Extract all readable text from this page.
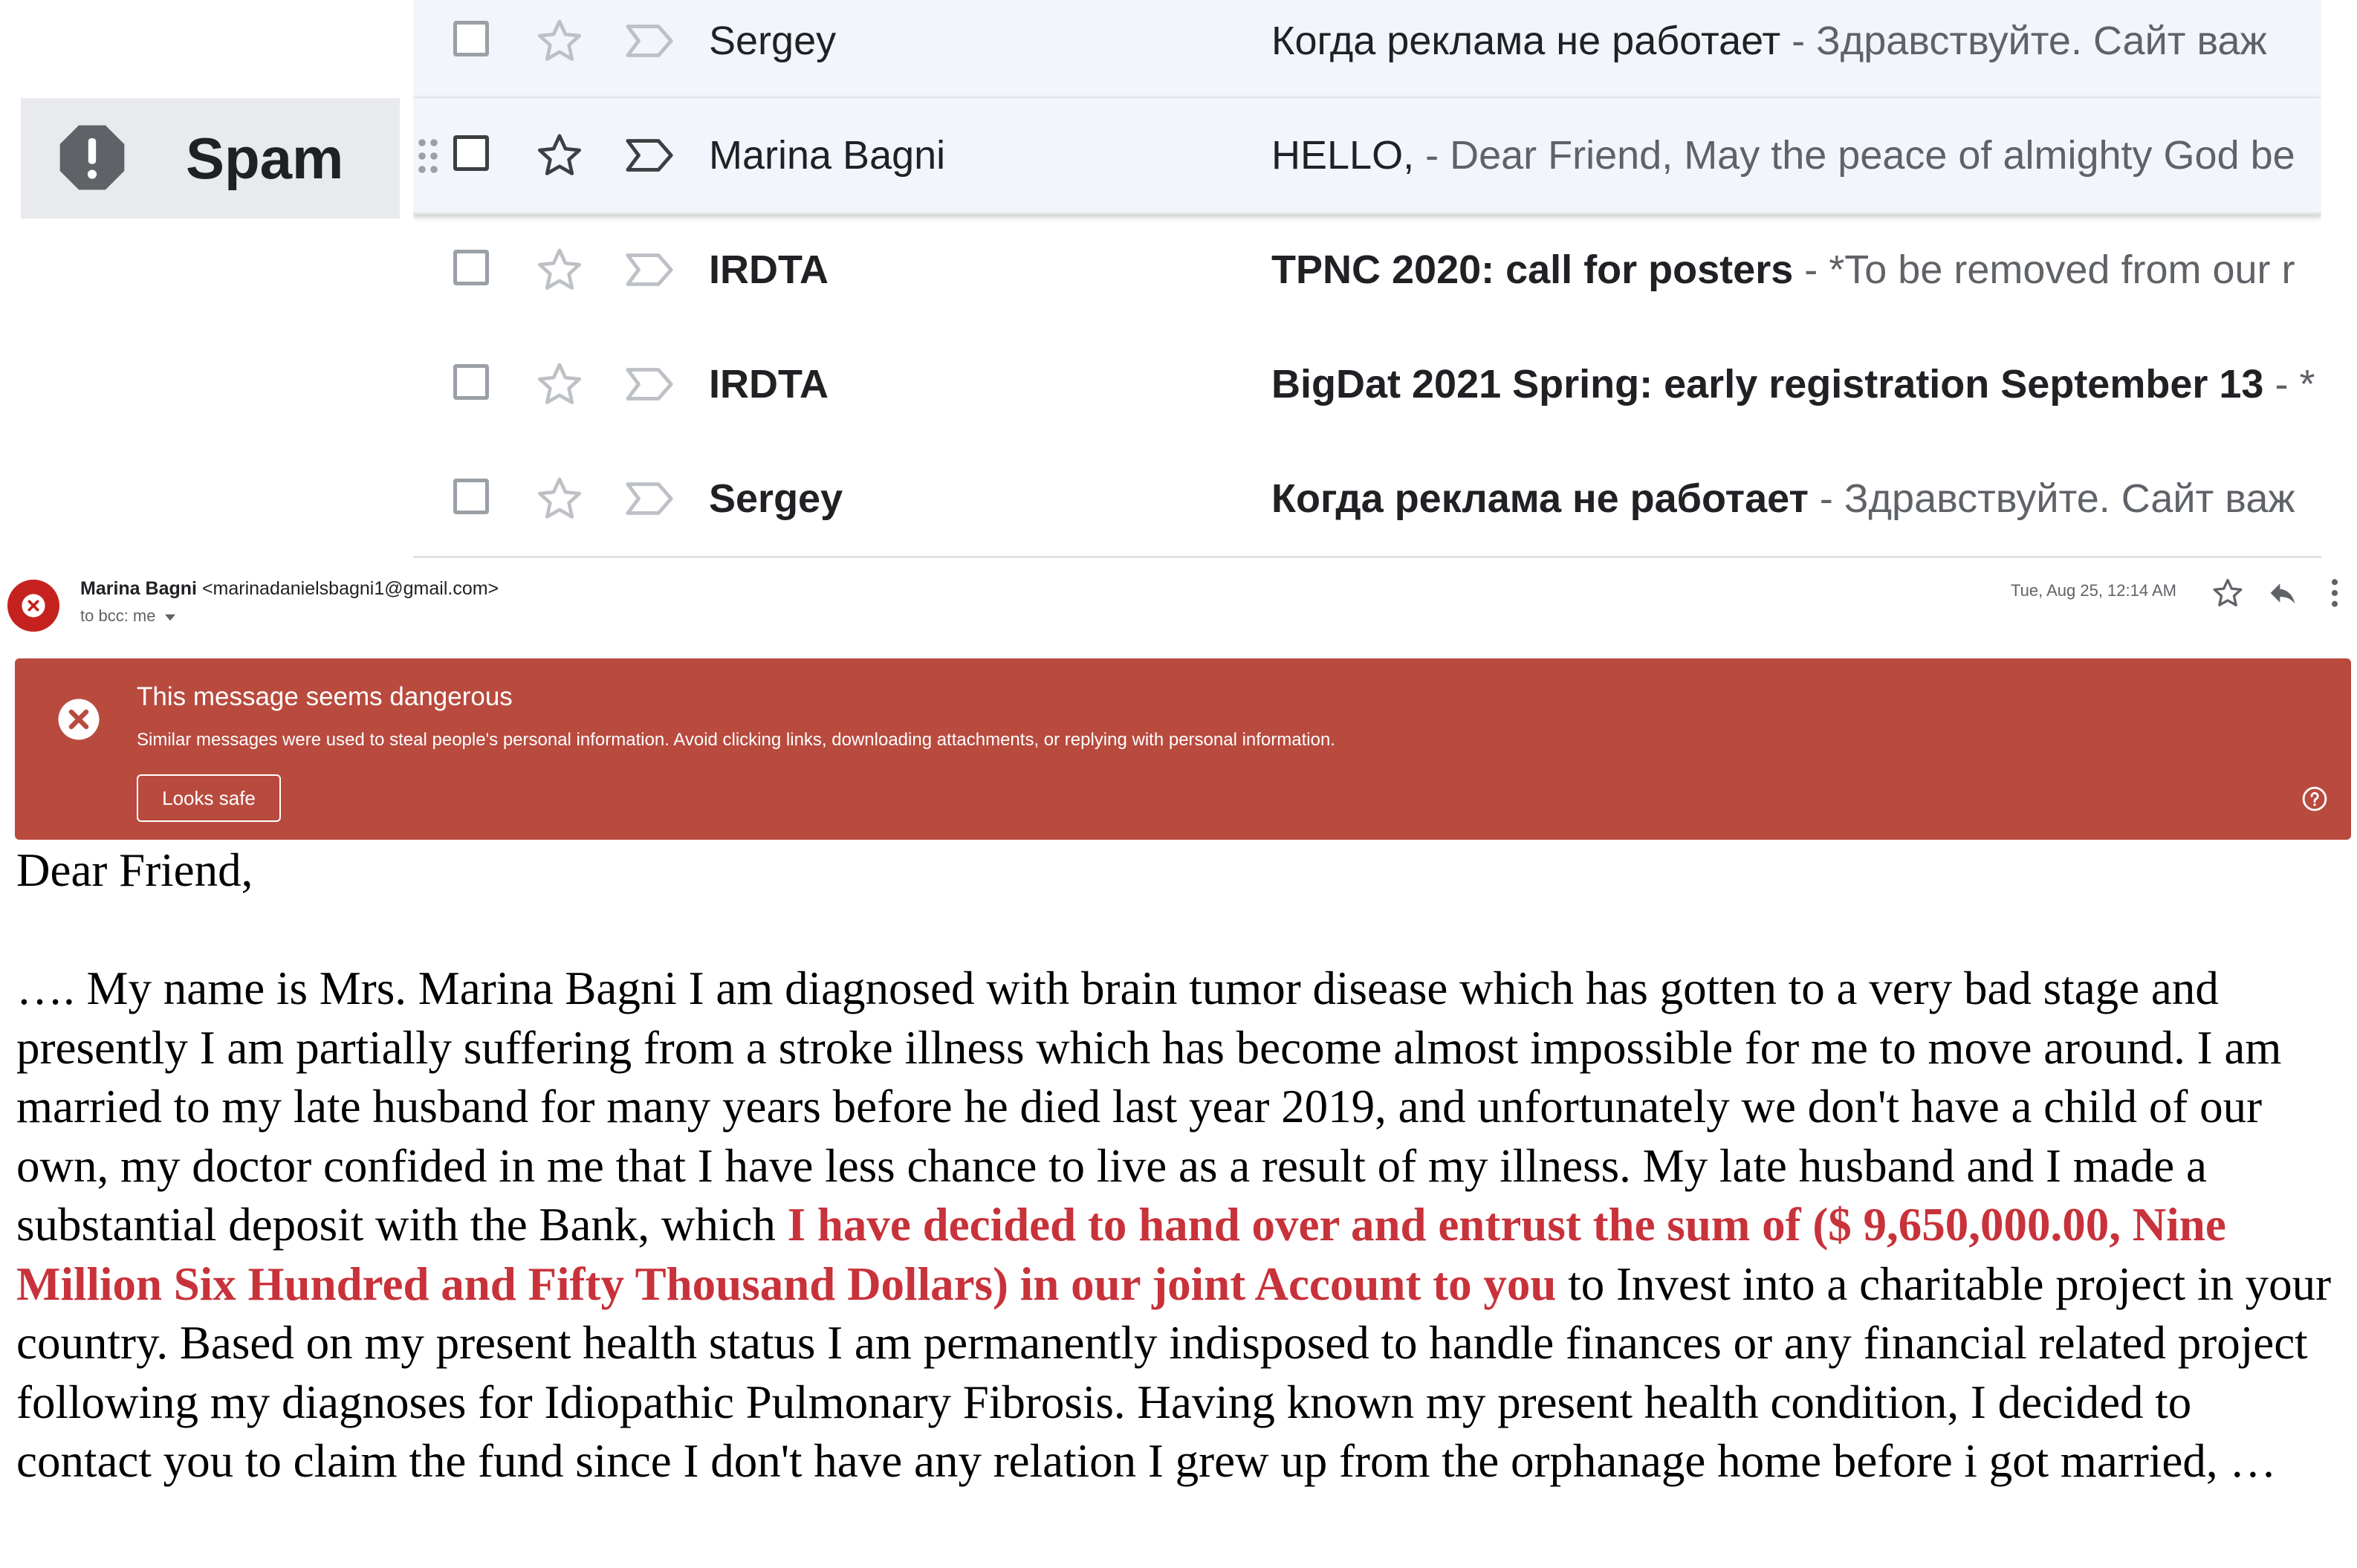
Spam
Sergey	Когда реклама не работает - Здравствуйте. Сайт важ
Marina Bagni	HELLO, - Dear Friend, May the peace of almighty God be
IRDTA	TPNC 2020: call for posters - *To be removed from our r
IRDTA	BigDat 2021 Spring: early registration September 13 - *
Sergey	Когда реклама не работает - Здравствуйте. Сайт важ
Marina Bagni <marinadanielsbagni1@gmail.com>
to bcc: me
Tue, Aug 25, 12:14 AM
This message seems dangerous
Similar messages were used to steal people's personal information. Avoid clicking links, downloading attachments, or replying with personal information.
Looks safe

Dear Friend,

…. My name is Mrs. Marina Bagni I am diagnosed with brain tumor disease which has gotten to a very bad stage and presently I am partially suffering from a stroke illness which has become almost impossible for me to move around. I am married to my late husband for many years before he died last year 2019, and unfortunately we don't have a child of our own, my doctor confided in me that I have less chance to live as a result of my illness. My late husband and I made a substantial deposit with the Bank, which I have decided to hand over and entrust the sum of ($ 9,650,000.00, Nine Million Six Hundred and Fifty Thousand Dollars) in our joint Account to you to Invest into a charitable project in your country. Based on my present health status I am permanently indisposed to handle finances or any financial related project following my diagnoses for Idiopathic Pulmonary Fibrosis. Having known my present health condition, I decided to contact you to claim the fund since I don't have any relation I grew up from the orphanage home before i got married, …
